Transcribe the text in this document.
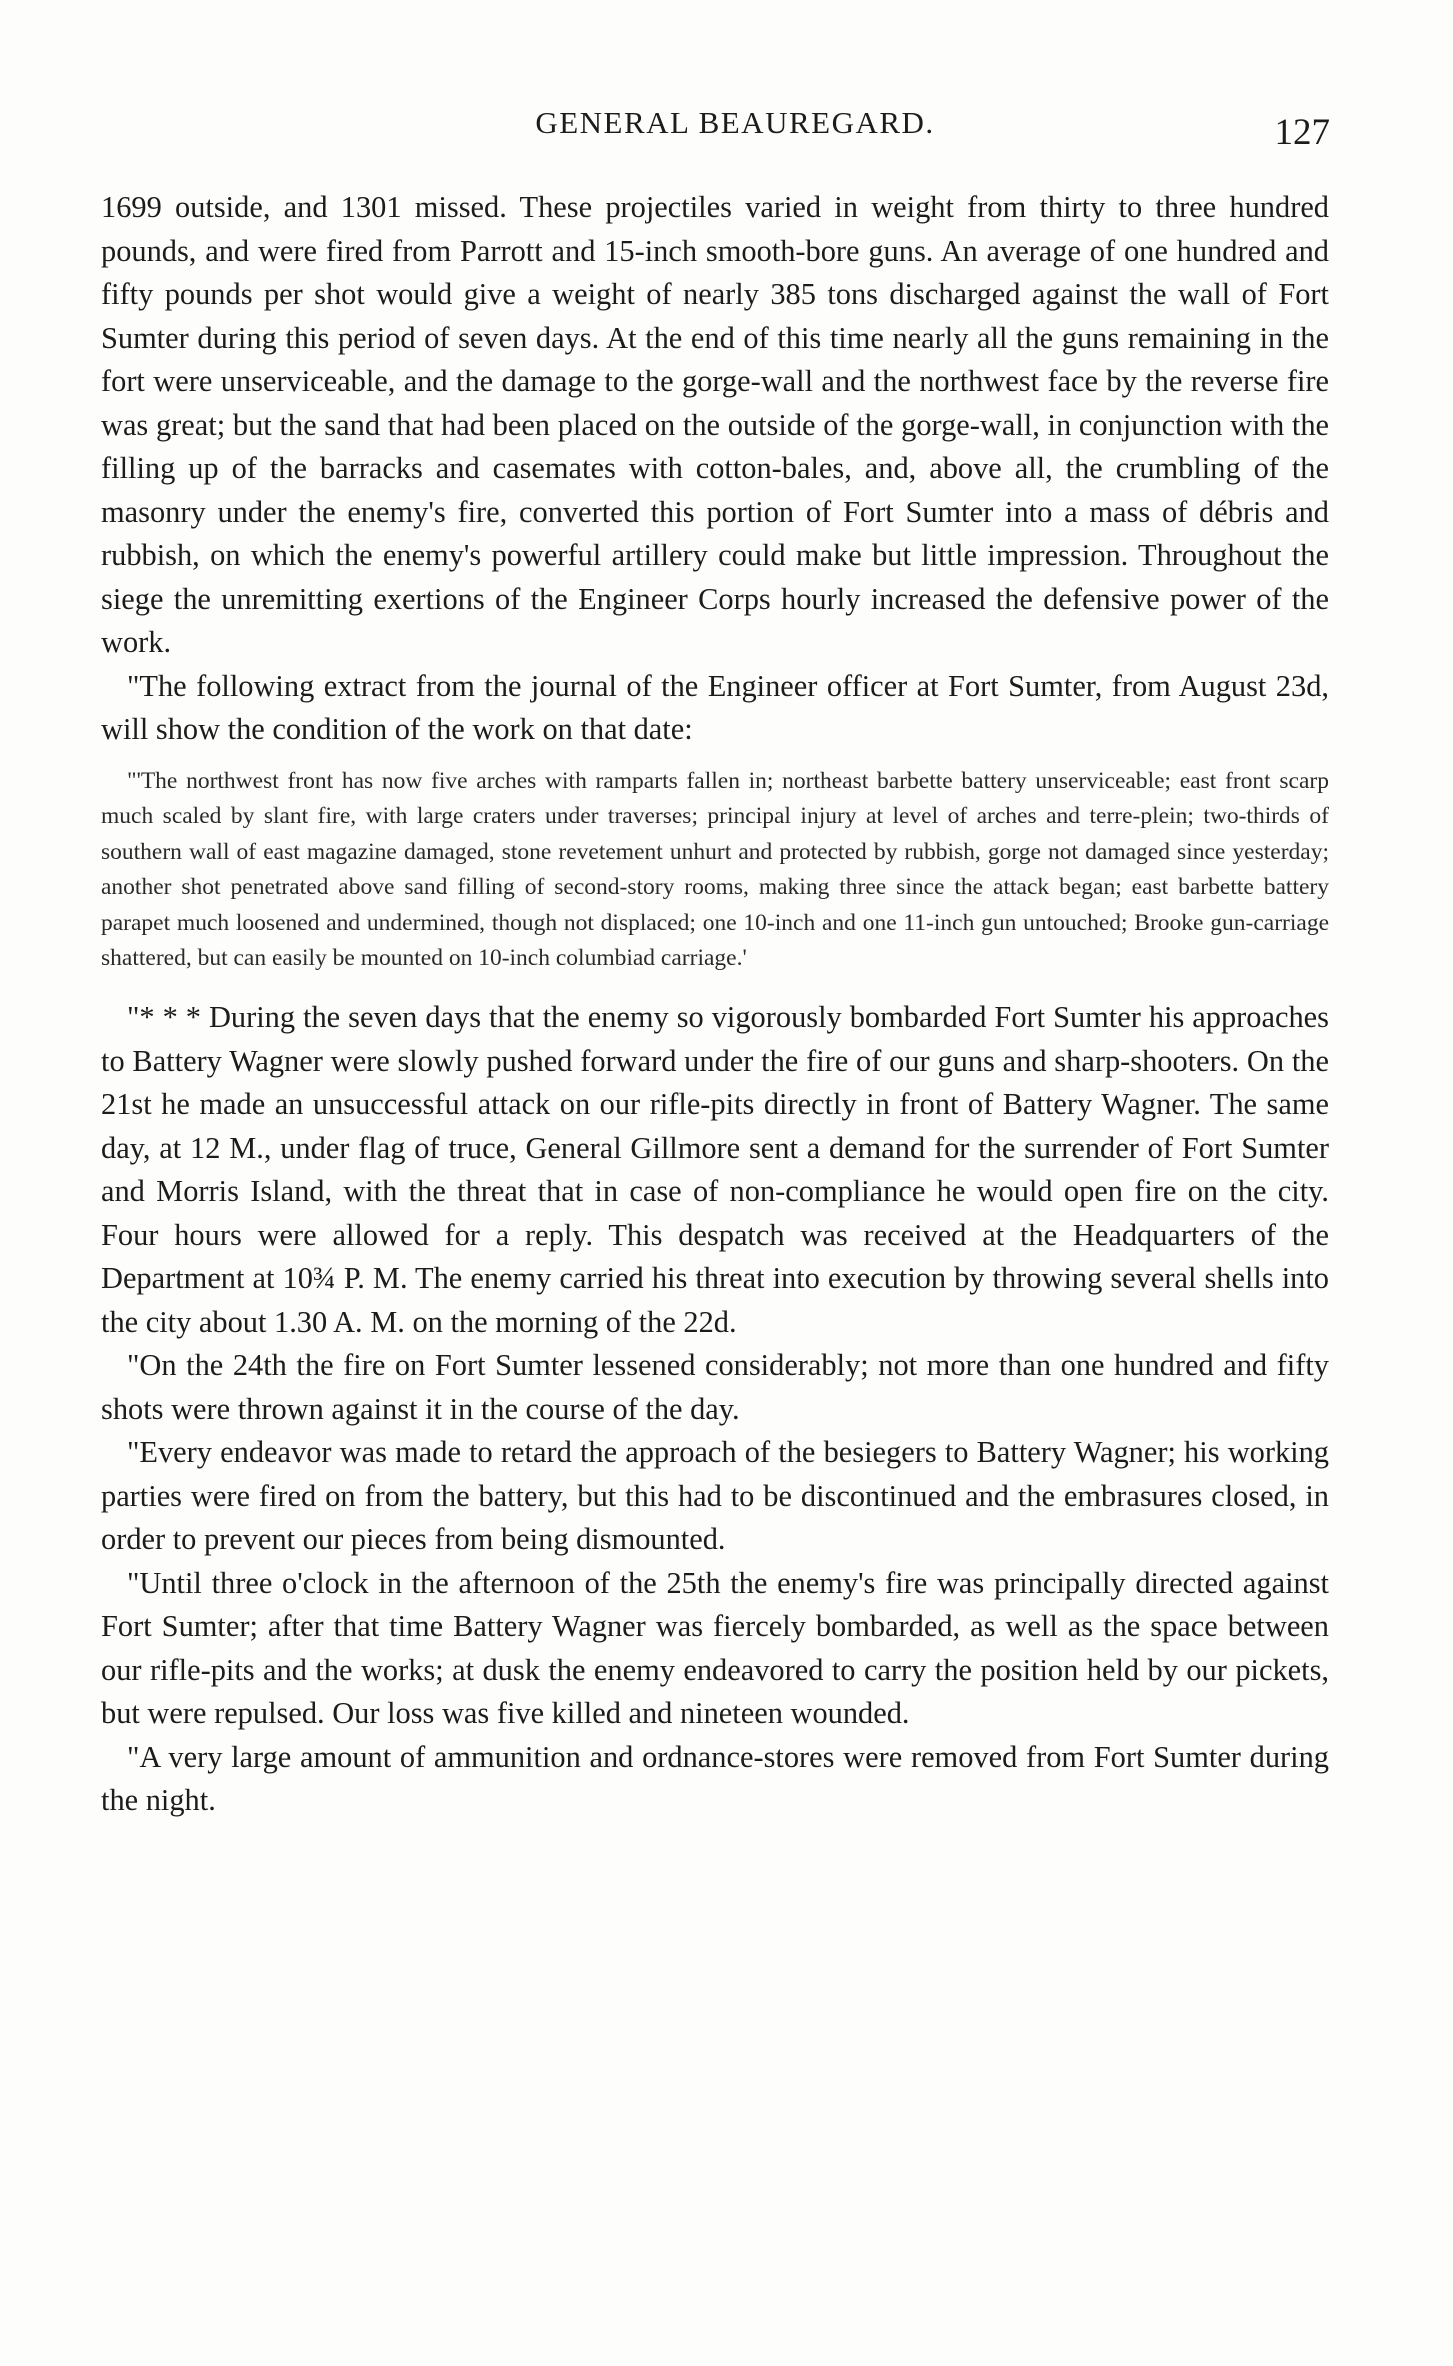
GENERAL BEAUREGARD.	127

1699 outside, and 1301 missed. These projectiles varied in weight from thirty to three hundred pounds, and were fired from Parrott and 15-inch smooth-bore guns. An average of one hundred and fifty pounds per shot would give a weight of nearly 385 tons discharged against the wall of Fort Sumter during this period of seven days. At the end of this time nearly all the guns remaining in the fort were unserviceable, and the damage to the gorge-wall and the northwest face by the reverse fire was great; but the sand that had been placed on the outside of the gorge-wall, in conjunction with the filling up of the barracks and casemates with cotton-bales, and, above all, the crumbling of the masonry under the enemy's fire, converted this portion of Fort Sumter into a mass of débris and rubbish, on which the enemy's powerful artillery could make but little impression. Throughout the siege the unremitting exertions of the Engineer Corps hourly increased the defensive power of the work.

"The following extract from the journal of the Engineer officer at Fort Sumter, from August 23d, will show the condition of the work on that date:

"'The northwest front has now five arches with ramparts fallen in; northeast barbette battery unserviceable; east front scarp much scaled by slant fire, with large craters under traverses; principal injury at level of arches and terre-plein; two-thirds of southern wall of east magazine damaged, stone revetement unhurt and protected by rubbish, gorge not damaged since yesterday; another shot penetrated above sand filling of second-story rooms, making three since the attack began; east barbette battery parapet much loosened and undermined, though not displaced; one 10-inch and one 11-inch gun untouched; Brooke gun-carriage shattered, but can easily be mounted on 10-inch columbiad carriage.'

"* * * During the seven days that the enemy so vigorously bombarded Fort Sumter his approaches to Battery Wagner were slowly pushed forward under the fire of our guns and sharp-shooters. On the 21st he made an unsuccessful attack on our rifle-pits directly in front of Battery Wagner. The same day, at 12 M., under flag of truce, General Gillmore sent a demand for the surrender of Fort Sumter and Morris Island, with the threat that in case of non-compliance he would open fire on the city. Four hours were allowed for a reply. This despatch was received at the Headquarters of the Department at 10¾ P. M. The enemy carried his threat into execution by throwing several shells into the city about 1.30 A. M. on the morning of the 22d.

"On the 24th the fire on Fort Sumter lessened considerably; not more than one hundred and fifty shots were thrown against it in the course of the day.

"Every endeavor was made to retard the approach of the besiegers to Battery Wagner; his working parties were fired on from the battery, but this had to be discontinued and the embrasures closed, in order to prevent our pieces from being dismounted.

"Until three o'clock in the afternoon of the 25th the enemy's fire was principally directed against Fort Sumter; after that time Battery Wagner was fiercely bombarded, as well as the space between our rifle-pits and the works; at dusk the enemy endeavored to carry the position held by our pickets, but were repulsed. Our loss was five killed and nineteen wounded.

"A very large amount of ammunition and ordnance-stores were removed from Fort Sumter during the night.
